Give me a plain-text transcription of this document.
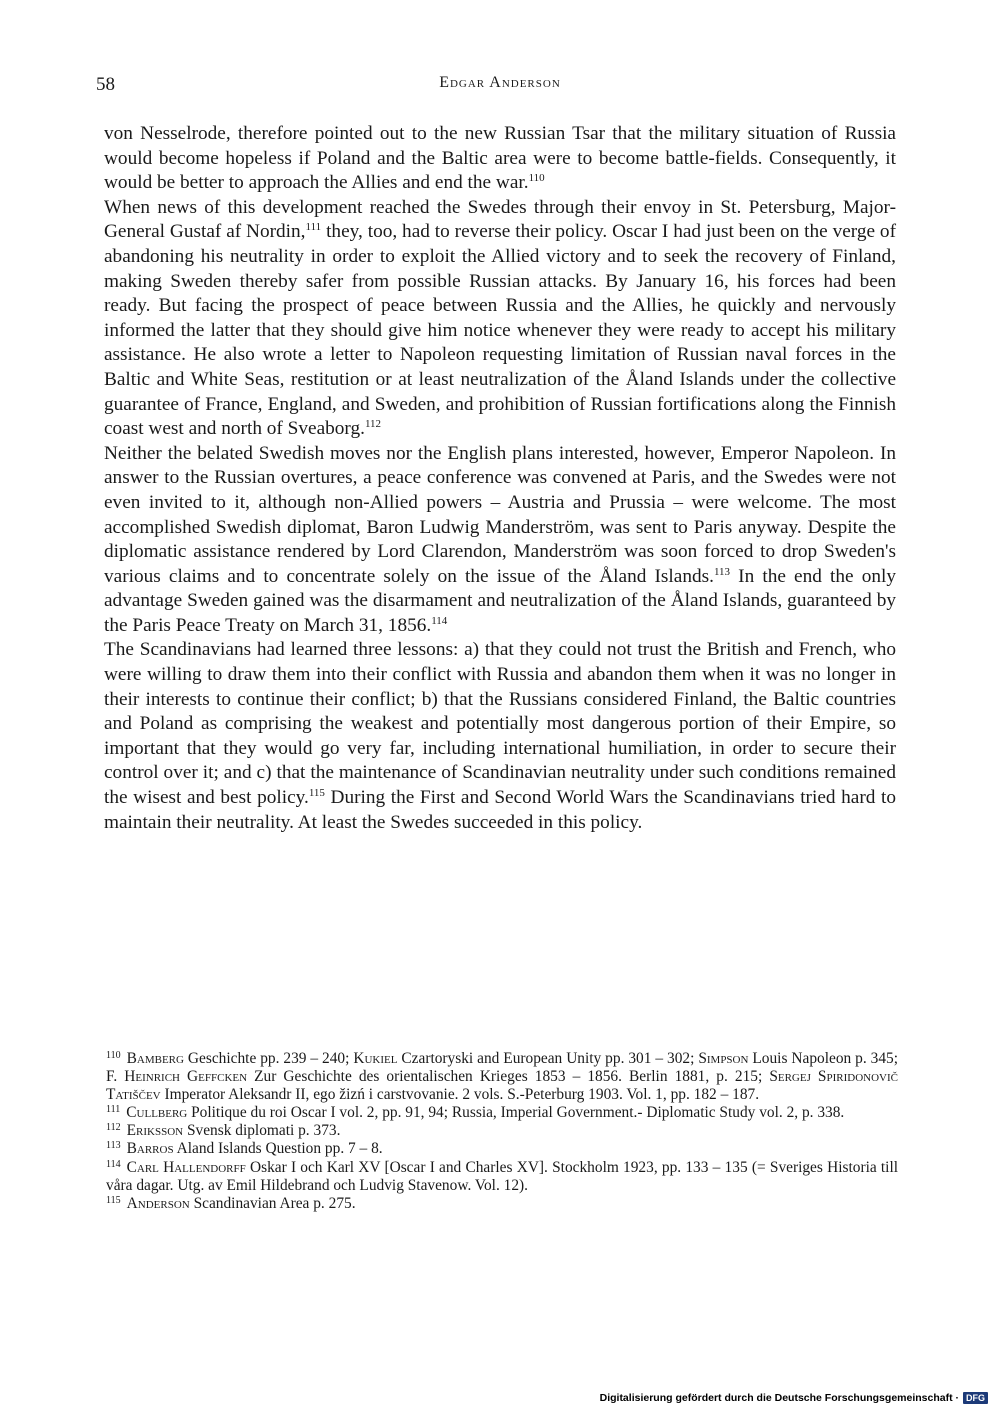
58	Edgar Anderson

von Nesselrode, therefore pointed out to the new Russian Tsar that the military situation of Russia would become hopeless if Poland and the Baltic area were to become battle-fields. Consequently, it would be better to approach the Allies and end the war.$^{110}$

When news of this development reached the Swedes through their envoy in St. Petersburg, Major-General Gustaf af Nordin,$^{111}$ they, too, had to reverse their policy. Oscar I had just been on the verge of abandoning his neutrality in order to exploit the Allied victory and to seek the recovery of Finland, making Sweden thereby safer from possible Russian attacks. By January 16, his forces had been ready. But facing the prospect of peace between Russia and the Allies, he quickly and nervously informed the latter that they should give him notice whenever they were ready to accept his military assistance. He also wrote a letter to Napoleon requesting limitation of Russian naval forces in the Baltic and White Seas, restitution or at least neutralization of the Åland Islands under the collective guarantee of France, England, and Sweden, and prohibition of Russian fortifications along the Finnish coast west and north of Sveaborg.$^{112}$

Neither the belated Swedish moves nor the English plans interested, however, Emperor Napoleon. In answer to the Russian overtures, a peace conference was convened at Paris, and the Swedes were not even invited to it, although non-Allied powers – Austria and Prussia – were welcome. The most accomplished Swedish diplomat, Baron Ludwig Manderström, was sent to Paris anyway. Despite the diplomatic assistance rendered by Lord Clarendon, Manderström was soon forced to drop Sweden's various claims and to concentrate solely on the issue of the Åland Islands.$^{113}$ In the end the only advantage Sweden gained was the disarmament and neutralization of the Åland Islands, guaranteed by the Paris Peace Treaty on March 31, 1856.$^{114}$

The Scandinavians had learned three lessons: a) that they could not trust the British and French, who were willing to draw them into their conflict with Russia and abandon them when it was no longer in their interests to continue their conflict; b) that the Russians considered Finland, the Baltic countries and Poland as comprising the weakest and potentially most dangerous portion of their Empire, so important that they would go very far, including international humiliation, in order to secure their control over it; and c) that the maintenance of Scandinavian neutrality under such conditions remained the wisest and best policy.$^{115}$ During the First and Second World Wars the Scandinavians tried hard to maintain their neutrality. At least the Swedes succeeded in this policy.

$^{110}$ Bamberg Geschichte pp. 239 – 240; Kukiel Czartoryski and European Unity pp. 301 – 302; Simpson Louis Napoleon p. 345; F. Heinrich Geffcken Zur Geschichte des orientalischen Krieges 1853 – 1856. Berlin 1881, p. 215; Sergej Spiridonovič Tatiščev Imperator Aleksandr II, ego žizń i carstvovanie. 2 vols. S.-Peterburg 1903. Vol. 1, pp. 182 – 187.

$^{111}$ Cullberg Politique du roi Oscar I vol. 2, pp. 91, 94; Russia, Imperial Government.- Diplomatic Study vol. 2, p. 338.

$^{112}$ Eriksson Svensk diplomati p. 373.

$^{113}$ Barros Aland Islands Question pp. 7 – 8.

$^{114}$ Carl Hallendorff Oskar I och Karl XV [Oscar I and Charles XV]. Stockholm 1923, pp. 133 – 135 (= Sveriges Historia till våra dagar. Utg. av Emil Hildebrand och Ludvig Stavenow. Vol. 12).

$^{115}$ Anderson Scandinavian Area p. 275.

Digitalisierung gefördert durch die Deutsche Forschungsgemeinschaft · DFG
